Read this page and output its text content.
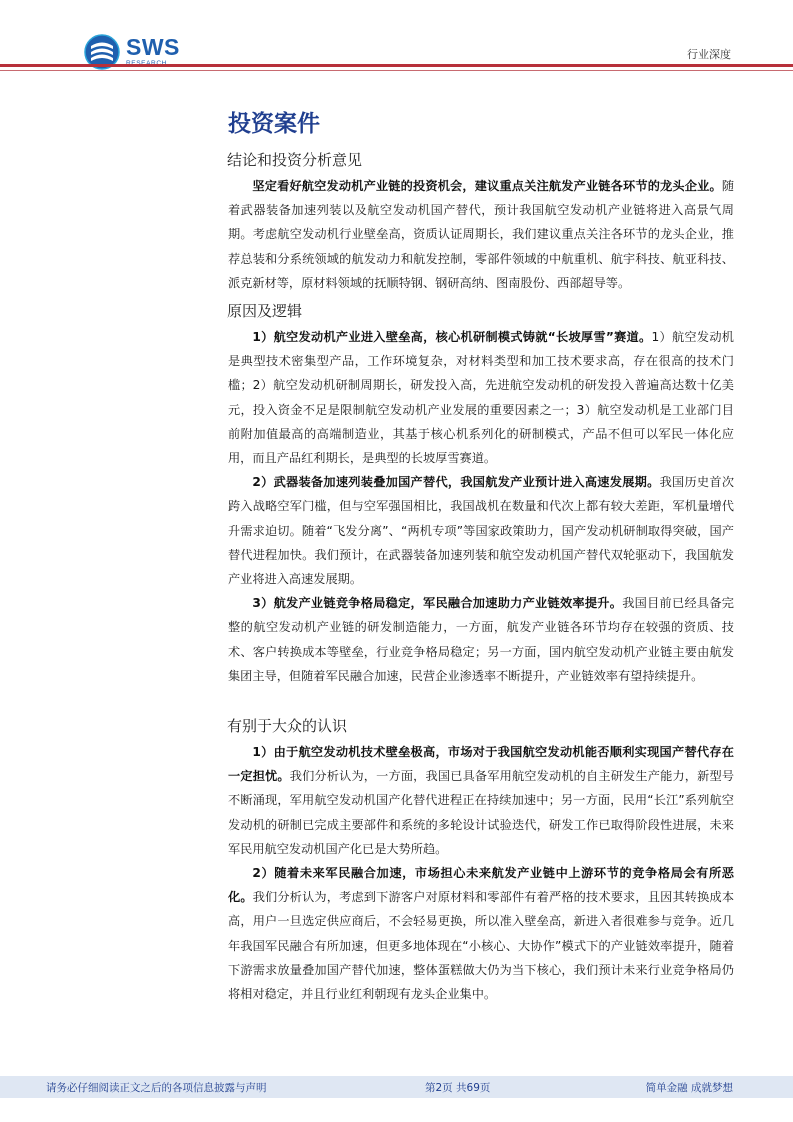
SWS	行业深度
投资案件
结论和投资分析意见

坚定看好航空发动机产业链的投资机会，建议重点关注航发产业链各环节的龙头企业。随着武器装备加速列装以及航空发动机国产替代，预计我国航空发动机产业链将进入高景气周期。考虑航空发动机行业壁垒高，资质认证周期长，我们建议重点关注各环节的龙头企业，推荐总装和分系统领域的航发动力和航发控制，零部件领域的中航重机、航宇科技、航亚科技、派克新材等，原材料领域的抚顺特钢、钢研高纳、图南股份、西部超导等。

原因及逻辑

1）航空发动机产业进入壁垒高，核心机研制模式铸就“长坡厚雪”赛道。1）航空发动机是典型技术密集型产品，工作环境复杂，对材料类型和加工技术要求高，存在很高的技术门槛；2）航空发动机研制周期长，研发投入高，先进航空发动机的研发投入普遍高达数十亿美元，投入资金不足是限制航空发动机产业发展的重要因素之一；3）航空发动机是工业部门目前附加值最高的高端制造业，其基于核心机系列化的研制模式，产品不但可以军民一体化应用，而且产品红利期长，是典型的长坡厚雪赛道。

2）武器装备加速列装叠加国产替代，我国航发产业预计进入高速发展期。我国历史首次跨入战略空军门槛，但与空军强国相比，我国战机在数量和代次上都有较大差距，军机量增代升需求迫切。随着“飞发分离”、“两机专项”等国家政策助力，国产发动机研制取得突破，国产替代进程加快。我们预计，在武器装备加速列装和航空发动机国产替代双轮驱动下，我国航发产业将进入高速发展期。

3）航发产业链竞争格局稳定，军民融合加速助力产业链效率提升。我国目前已经具备完整的航空发动机产业链的研发制造能力，一方面，航发产业链各环节均存在较强的资质、技术、客户转换成本等壁垒，行业竞争格局稳定；另一方面，国内航空发动机产业链主要由航发集团主导，但随着军民融合加速，民营企业渗透率不断提升，产业链效率有望持续提升。

有别于大众的认识

1）由于航空发动机技术壁垒极高，市场对于我国航空发动机能否顺利实现国产替代存在一定担忧。我们分析认为，一方面，我国已具备军用航空发动机的自主研发生产能力，新型号不断涌现，军用航空发动机国产化替代进程正在持续加速中；另一方面，民用“长江”系列航空发动机的研制已完成主要部件和系统的多轮设计试验迭代，研发工作已取得阶段性进展，未来军民用航空发动机国产化已是大势所趋。

2）随着未来军民融合加速，市场担心未来航发产业链中上游环节的竞争格局会有所恶化。我们分析认为，考虑到下游客户对原材料和零部件有着严格的技术要求，且因其转换成本高，用户一旦选定供应商后，不会轻易更换，所以准入壁垒高，新进入者很难参与竞争。近几年我国军民融合有所加速，但更多地体现在“小核心、大协作”模式下的产业链效率提升，随着下游需求放量叠加国产替代加速，整体蛋糕做大仍为当下核心，我们预计未来行业竞争格局仍将相对稳定，并且行业红利朝现有龙头企业集中。

请务必仔细阅读正文之后的各项信息披露与声明	第2页 共69页	简单金融 成就梦想
